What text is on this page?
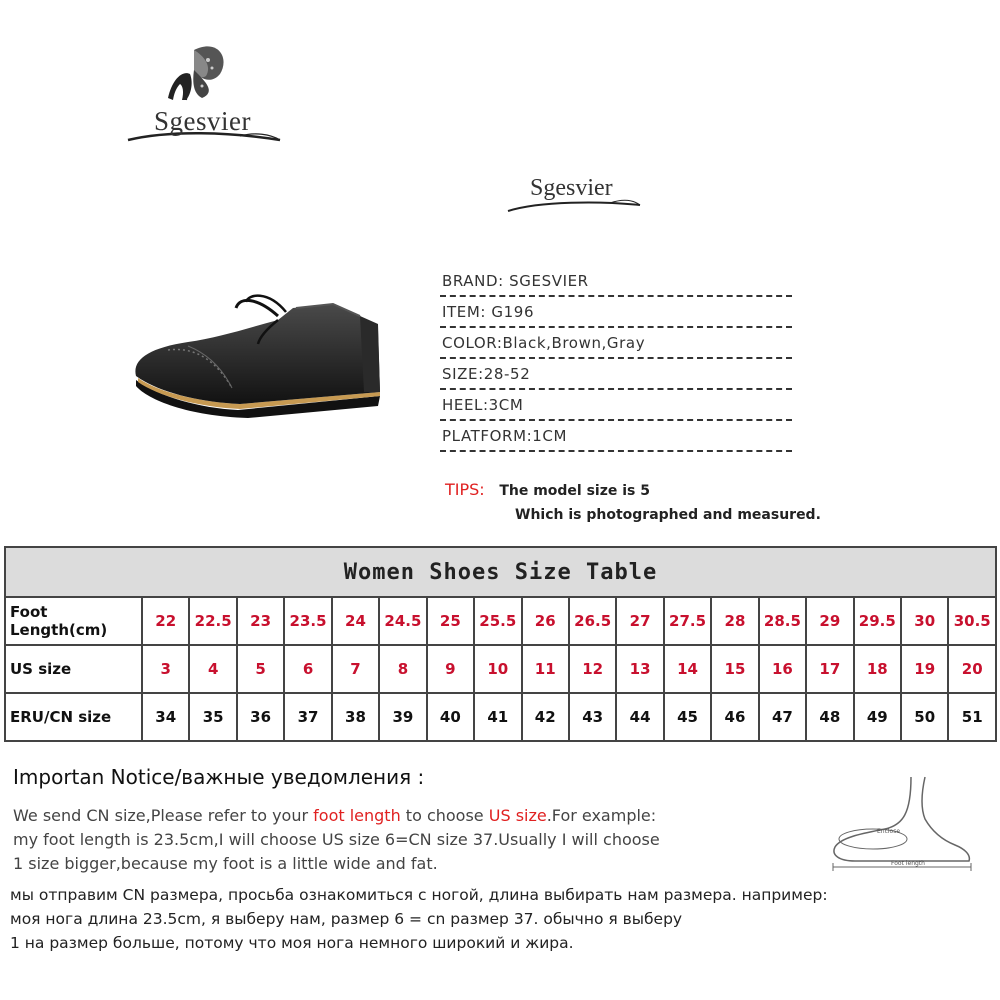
Sgesvier
Sgesvier
BRAND: SGESVIER
ITEM: G196
COLOR:Black,Brown,Gray
SIZE:28-52
HEEL:3CM
PLATFORM:1CM
TIPS: The model size is 5
Which is photographed and measured.
Women Shoes Size Table																		
Foot Length(cm)	22	22.5	23	23.5	24	24.5	25	25.5	26	26.5	27	27.5	28	28.5	29	29.5	30	30.5
US size	3	4	5	6	7	8	9	10	11	12	13	14	15	16	17	18	19	20
ERU/CN size	34	35	36	37	38	39	40	41	42	43	44	45	46	47	48	49	50	51
Importan Notice/важные уведомления :
We send CN size,Please refer to your foot length to choose US size.For example:
my foot length is 23.5cm,I will choose US size 6=CN size 37.Usually I will choose
1 size bigger,because my foot is a little wide and fat.
мы отправим CN размера, просьба ознакомиться с ногой, длина выбирать нам размера. например:
моя нога длина 23.5cm, я выберу нам, размер 6 = cn размер 37. обычно я выберу
1 на размер больше, потому что моя нога немного широкий и жира.
Enclose
Foot length
